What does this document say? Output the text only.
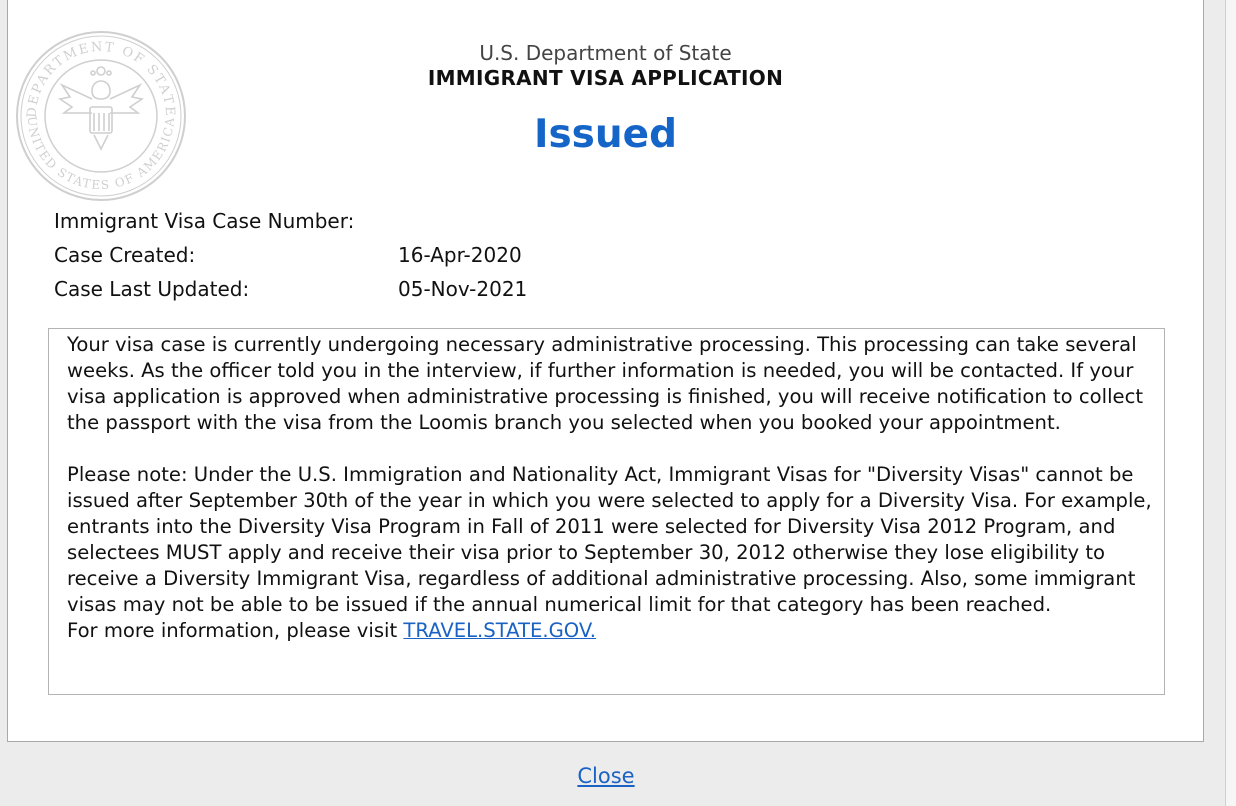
DEPARTMENT OF STATE
UNITED STATES OF AMERICA
U.S. Department of State
IMMIGRANT VISA APPLICATION
Issued
Immigrant Visa Case Number:
Case Created:	16-Apr-2020
Case Last Updated:	05-Nov-2021

Your visa case is currently undergoing necessary administrative processing. This processing can take several weeks. As the officer told you in the interview, if further information is needed, you will be contacted. If your visa application is approved when administrative processing is finished, you will receive notification to collect the passport with the visa from the Loomis branch you selected when you booked your appointment.

Please note: Under the U.S. Immigration and Nationality Act, Immigrant Visas for "Diversity Visas" cannot be issued after September 30th of the year in which you were selected to apply for a Diversity Visa. For example, entrants into the Diversity Visa Program in Fall of 2011 were selected for Diversity Visa 2012 Program, and selectees MUST apply and receive their visa prior to September 30, 2012 otherwise they lose eligibility to receive a Diversity Immigrant Visa, regardless of additional administrative processing. Also, some immigrant visas may not be able to be issued if the annual numerical limit for that category has been reached.

For more information, please visit TRAVEL.STATE.GOV.

Close
